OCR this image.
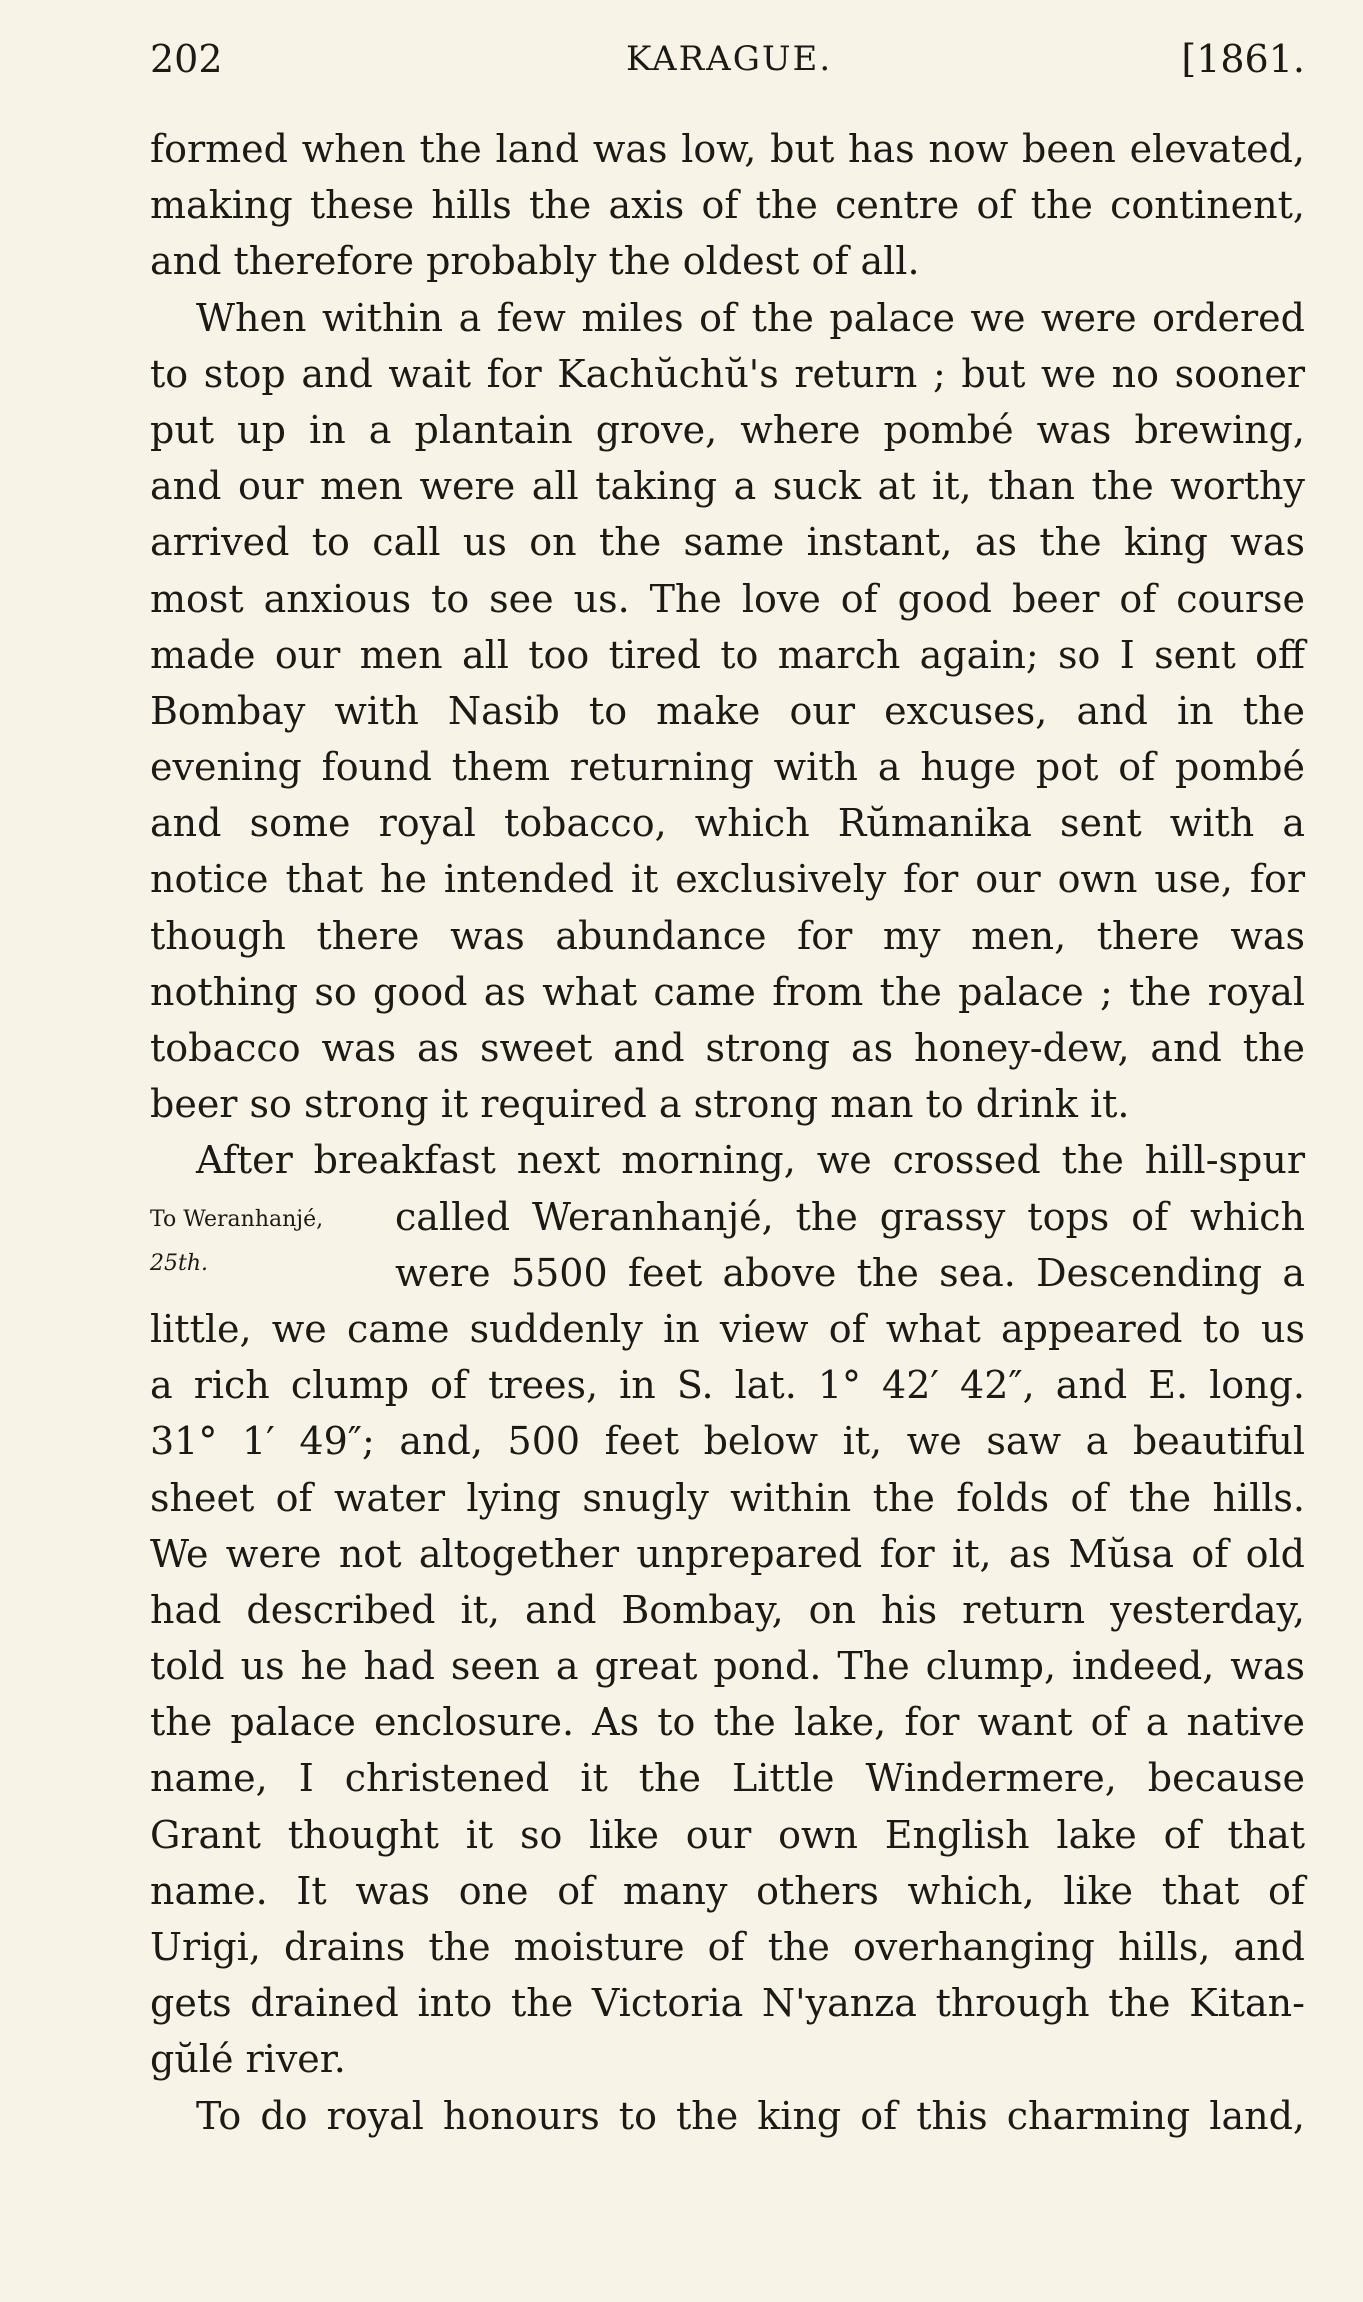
202	KARAGUE.	[1861.
To Weranhanjé,
25th.
formed when the land was low, but has now been elevated,
making these hills the axis of the centre of the continent,
and therefore probably the oldest of all.
When within a few miles of the palace we were ordered
to stop and wait for Kachŭchŭ's return ; but we no sooner
put up in a plantain grove, where pombé was brewing,
and our men were all taking a suck at it, than the worthy
arrived to call us on the same instant, as the king was
most anxious to see us. The love of good beer of course
made our men all too tired to march again; so I sent off
Bombay with Nasib to make our excuses, and in the
evening found them returning with a huge pot of pombé
and some royal tobacco, which Rŭmanika sent with a
notice that he intended it exclusively for our own use, for
though there was abundance for my men, there was
nothing so good as what came from the palace ; the royal
tobacco was as sweet and strong as honey-dew, and the
beer so strong it required a strong man to drink it.
After breakfast next morning, we crossed the hill-spur
called Weranhanjé, the grassy tops of which
were 5500 feet above the sea. Descending a
little, we came suddenly in view of what appeared to us
a rich clump of trees, in S. lat. 1° 42′ 42″, and E. long.
31° 1′ 49″; and, 500 feet below it, we saw a beautiful
sheet of water lying snugly within the folds of the hills.
We were not altogether unprepared for it, as Mŭsa of old
had described it, and Bombay, on his return yesterday,
told us he had seen a great pond. The clump, indeed, was
the palace enclosure. As to the lake, for want of a native
name, I christened it the Little Windermere, because
Grant thought it so like our own English lake of that
name. It was one of many others which, like that of
Urigi, drains the moisture of the overhanging hills, and
gets drained into the Victoria N'yanza through the Kitan-
gŭlé river.
To do royal honours to the king of this charming land,
